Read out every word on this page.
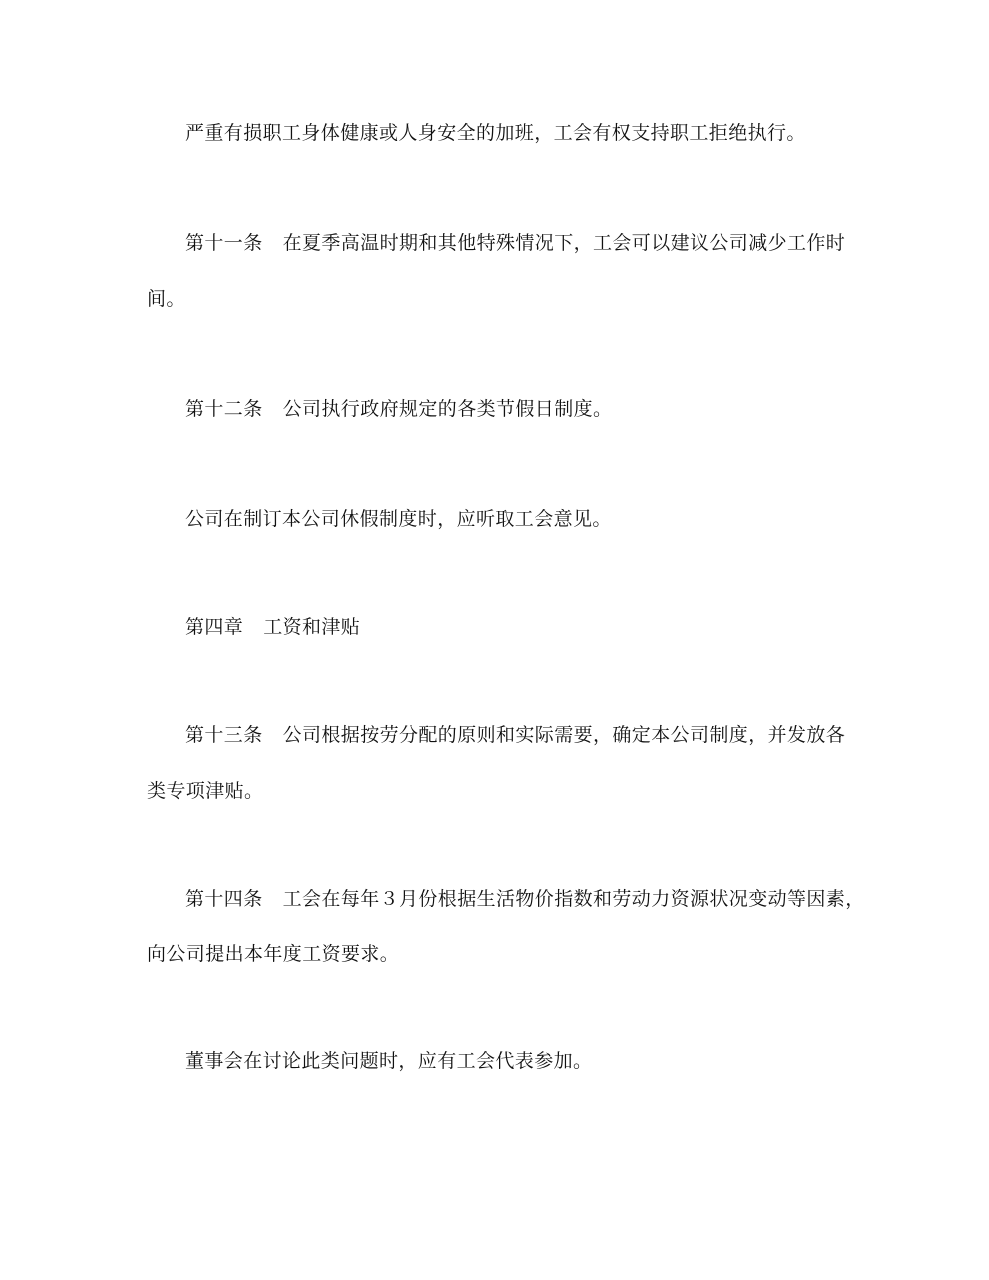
严重有损职工身体健康或人身安全的加班，工会有权支持职工拒绝执行。
第十一条 在夏季高温时期和其他特殊情况下，工会可以建议公司减少工作时
间。
第十二条 公司执行政府规定的各类节假日制度。
公司在制订本公司休假制度时，应听取工会意见。
第四章 工资和津贴
第十三条 公司根据按劳分配的原则和实际需要，确定本公司制度，并发放各
类专项津贴。
第十四条 工会在每年３月份根据生活物价指数和劳动力资源状况变动等因素，
向公司提出本年度工资要求。
董事会在讨论此类问题时，应有工会代表参加。
